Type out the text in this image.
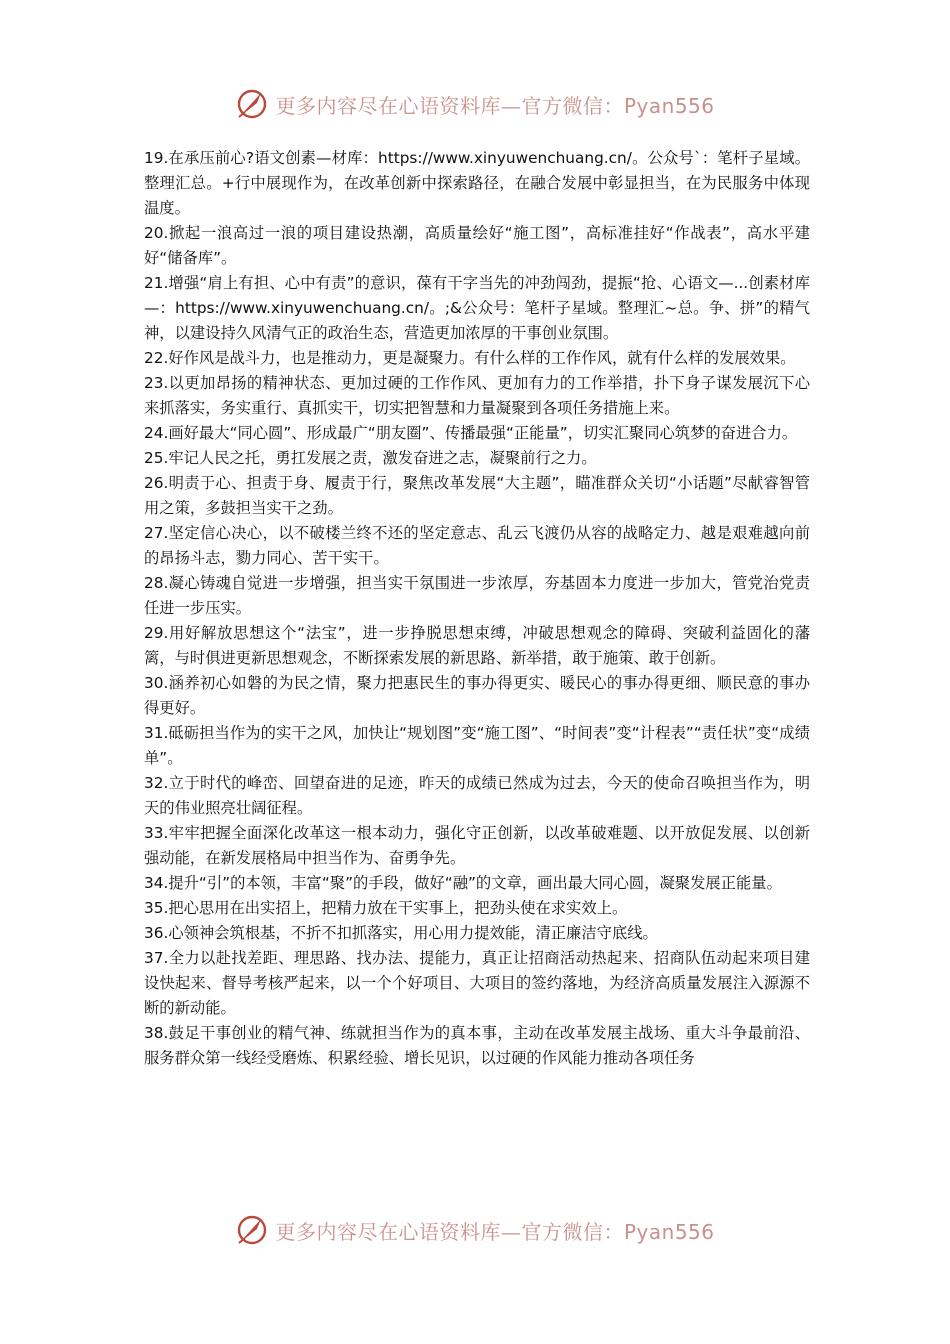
更多内容尽在心语资料库—官方微信：Pyan556

19.在承压前心?语文创素—材库：https://www.xinyuwenchuang.cn/。公众号`：笔杆子星域。整理汇总。+行中展现作为，在改革创新中探索路径，在融合发展中彰显担当，在为民服务中体现温度。

20.掀起一浪高过一浪的项目建设热潮，高质量绘好“施工图”，高标准挂好“作战表”，高水平建好“储备库”。

21.增强“肩上有担、心中有责”的意识，葆有干字当先的冲劲闯劲，提振“抢、心语文—...创素材库—：https://www.xinyuwenchuang.cn/。;&公众号：笔杆子星域。整理汇~总。争、拼”的精气神，以建设持久风清气正的政治生态，营造更加浓厚的干事创业氛围。

22.好作风是战斗力，也是推动力，更是凝聚力。有什么样的工作作风，就有什么样的发展效果。

23.以更加昂扬的精神状态、更加过硬的工作作风、更加有力的工作举措，扑下身子谋发展沉下心来抓落实，务实重行、真抓实干，切实把智慧和力量凝聚到各项任务措施上来。

24.画好最大“同心圆”、形成最广“朋友圈”、传播最强“正能量”，切实汇聚同心筑梦的奋进合力。

25.牢记人民之托，勇扛发展之责，激发奋进之志，凝聚前行之力。

26.明责于心、担责于身、履责于行，聚焦改革发展“大主题”，瞄准群众关切“小话题”尽献睿智管用之策，多鼓担当实干之劲。

27.坚定信心决心，以不破楼兰终不还的坚定意志、乱云飞渡仍从容的战略定力、越是艰难越向前的昂扬斗志，勠力同心、苦干实干。

28.凝心铸魂自觉进一步增强，担当实干氛围进一步浓厚，夯基固本力度进一步加大，管党治党责任进一步压实。

29.用好解放思想这个“法宝”，进一步挣脱思想束缚，冲破思想观念的障碍、突破利益固化的藩篱，与时俱进更新思想观念，不断探索发展的新思路、新举措，敢于施策、敢于创新。

30.涵养初心如磐的为民之情，聚力把惠民生的事办得更实、暖民心的事办得更细、顺民意的事办得更好。

31.砥砺担当作为的实干之风，加快让“规划图”变“施工图”、“时间表”变“计程表”“责任状”变“成绩单”。

32.立于时代的峰峦、回望奋进的足迹，昨天的成绩已然成为过去，今天的使命召唤担当作为，明天的伟业照亮壮阔征程。

33.牢牢把握全面深化改革这一根本动力，强化守正创新，以改革破难题、以开放促发展、以创新强动能，在新发展格局中担当作为、奋勇争先。

34.提升“引”的本领，丰富“聚”的手段，做好“融”的文章，画出最大同心圆，凝聚发展正能量。

35.把心思用在出实招上，把精力放在干实事上，把劲头使在求实效上。

36.心领神会筑根基，不折不扣抓落实，用心用力提效能，清正廉洁守底线。

37.全力以赴找差距、理思路、找办法、提能力，真正让招商活动热起来、招商队伍动起来项目建设快起来、督导考核严起来，以一个个好项目、大项目的签约落地，为经济高质量发展注入源源不断的新动能。

38.鼓足干事创业的精气神、练就担当作为的真本事，主动在改革发展主战场、重大斗争最前沿、服务群众第一线经受磨炼、积累经验、增长见识，以过硬的作风能力推动各项任务

更多内容尽在心语资料库—官方微信：Pyan556
